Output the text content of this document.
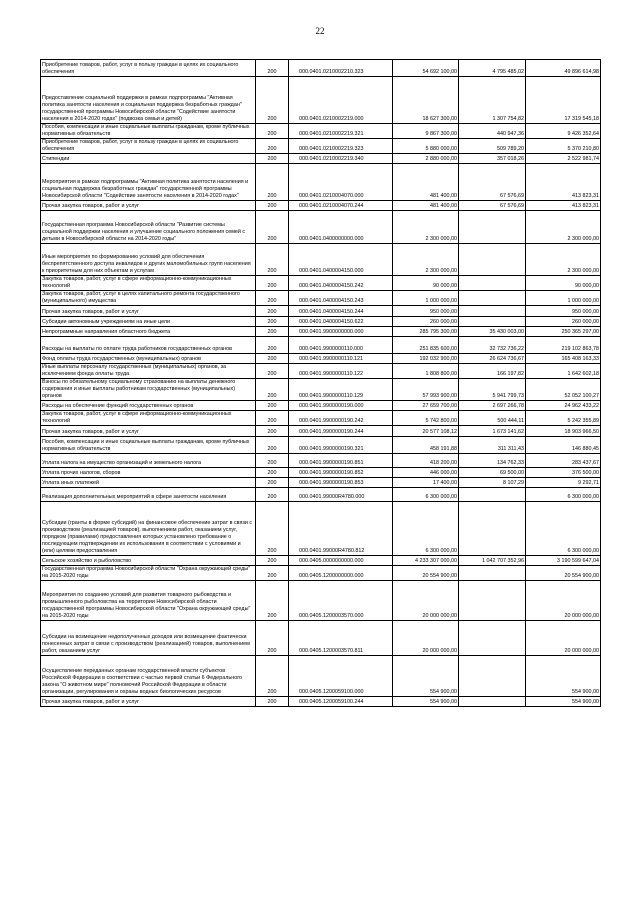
22
Приобретение товаров, работ, услуг в пользу граждан в целях их социального обеспечения	200	000.0401.0210002210.323	54 692 100,00	4 795 485,02	49 896 614,98
Предоставление социальной поддержки в рамках подпрограммы "Активная политика занятости населения и социальная поддержка безработных граждан" государственной программы Новосибирской области "Содействие занятости населения в 2014-2020 годах" (подвозка семьи и детей)	200	000.0401.0210002219.000	18 627 300,00	1 307 754,82	17 319 545,18
Пособия, компенсации и иные социальные выплаты гражданам, кроме публичных нормативных обязательств	200	000.0401.0210002219.321	9 867 300,00	440 947,36	9 426 352,64
Приобретение товаров, работ, услуг в пользу граждан в целях их социального обеспечения	200	000.0401.0210002219.323	5 880 000,00	509 789,20	5 370 210,80
Стипендии	200	000.0401.0210002219.340	2 880 000,00	357 018,26	2 522 981,74
Мероприятия в рамках подпрограммы "Активная политика занятости населения и социальная поддержка безработных граждан" государственной программы Новосибирской области "Содействие занятости населения в 2014-2020 годах"	200	000.0401.0210004070.000	481 400,00	67 576,69	413 823,31
Прочая закупка товаров, работ и услуг	200	000.0401.0210004070.244	481 400,00	67 576,69	413 823,31
Государственная программа Новосибирской области "Развитие системы социальной поддержки населения и улучшение социального положения семей с детьми в Новосибирской области на 2014-2020 годы"	200	000.0401.0400000000.000	2 300 000,00		2 300 000,00
Иные мероприятия по формированию условий для обеспечения беспрепятственного доступа инвалидов и других маломобильных групп населения к приоритетным для них объектам и услугам	200	000.0401.0400004150.000	2 300 000,00		2 300 000,00
Закупка товаров, работ, услуг в сфере информационно-коммуникационных технологий	200	000.0401.0400004150.242	90 000,00		90 000,00
Закупка товаров, работ, услуг в целях капитального ремонта государственного (муниципального) имущества	200	000.0401.0400004150.243	1 000 000,00		1 000 000,00
Прочая закупка товаров, работ и услуг	200	000.0401.0400004150.244	950 000,00		950 000,00
Субсидии автономным учреждениям на иные цели	200	000.0401.0400004150.622	260 000,00		260 000,00
Непрограммные направления областного бюджета	200	000.0401.9900000000.000	285 795 300,00	35 430 003,00	250 365 297,00
Расходы на выплаты по оплате труда работников государственных органов	200	000.0401.9900000110.000	251 835 600,00	32 732 736,22	219 102 863,78
Фонд оплаты труда государственных (муниципальных) органов	200	000.0401.9900000110.121	192 032 900,00	26 624 736,67	165 408 163,33
Иные выплаты персоналу государственных (муниципальных) органов, за исключением фонда оплаты труда	200	000.0401.9900000110.122	1 808 800,00	166 197,82	1 642 602,18
Взносы по обязательному социальному страхованию на выплаты денежного содержания и иные выплаты работникам государственных (муниципальных) органов	200	000.0401.9900000110.129	57 993 900,00	5 941 799,73	52 052 100,27
Расходы на обеспечение функций государственных органов	200	000.0401.9900000190.000	27 659 700,00	2 697 266,78	24 962 433,22
Закупка товаров, работ, услуг в сфере информационно-коммуникационных технологий	200	000.0401.9900000190.242	5 742 800,00	500 444,11	5 242 355,89
Прочая закупка товаров, работ и услуг	200	000.0401.9900000190.244	20 577 108,12	1 673 141,62	18 903 966,50
Пособия, компенсации и иные социальные выплаты гражданам, кроме публичных нормативных обязательств	200	000.0401.9900000190.321	458 191,88	311 311,43	146 880,45
Уплата налога на имущество организаций и земельного налога	200	000.0401.9900000190.851	418 200,00	134 762,33	283 437,67
Уплата прочих налогов, сборов	200	000.0401.9900000190.852	446 000,00	69 500,00	376 500,00
Уплата иных платежей	200	000.0401.9900000190.853	17 400,00	8 107,29	9 292,71
Реализация дополнительных мероприятий в сфере занятости населения	200	000.0401.99000R4780.000	6 300 000,00		6 300 000,00
Субсидии (гранты в форме субсидий) на финансовое обеспечение затрат в связи с производством (реализацией товаров), выполнением работ, оказанием услуг, порядком (правилами) предоставления которых установлено требование о последующем подтверждении их использования в соответствии с условиями и (или) целями предоставления	200	000.0401.99000R4780.812	6 300 000,00		6 300 000,00
Сельское хозяйство и рыболовство	200	000.0405.0000000000.000	4 233 307 000,00	1 042 707 352,96	3 190 599 647,04
Государственная программа Новосибирской области "Охрана окружающей среды" на 2015-2020 годы	200	000.0405.1200000000.000	20 554 900,00		20 554 900,00
Мероприятия по созданию условий для развития товарного рыбоводства и промышленного рыболовства на территории Новосибирской области государственной программы Новосибирской области "Охрана окружающей среды" на 2015-2020 годы	200	000.0405.1200003570.000	20 000 000,00		20 000 000,00
Субсидии на возмещение недополученных доходов или возмещение фактически понесенных затрат в связи с производством (реализацией) товаров, выполнением работ, оказанием услуг	200	000.0405.1200003570.811	20 000 000,00		20 000 000,00
Осуществление переданных органам государственной власти субъектов Российской Федерации в соответствии с частью первой статьи 6 Федерального закона "О животном мире" полномочий Российской Федерации в области организации, регулирования и охраны водных биологических ресурсов	200	000.0405.1200059100.000	554 900,00		554 900,00
Прочая закупка товаров, работ и услуг	200	000.0405.1200059100.244	554 900,00		554 900,00
